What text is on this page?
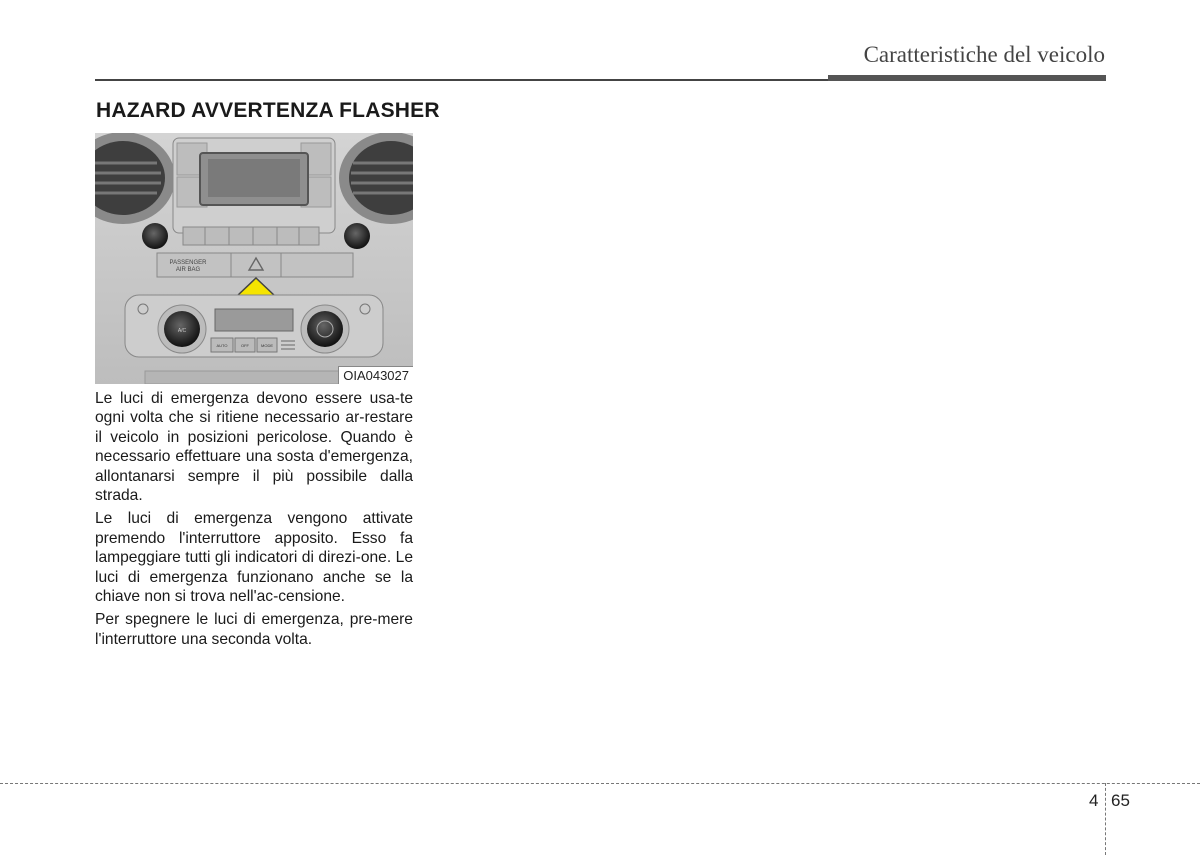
Caratteristiche del veicolo
HAZARD AVVERTENZA FLASHER
PASSENGER
AIR BAG
A/C
AUTO	OFF	MODE
OIA043027

Le luci di emergenza devono essere usa-te ogni volta che si ritiene necessario ar-restare il veicolo in posizioni pericolose. Quando è necessario effettuare una sosta d'emergenza, allontanarsi sempre il più possibile dalla strada.

Le luci di emergenza vengono attivate premendo l'interruttore apposito. Esso fa lampeggiare tutti gli indicatori di direzi-one. Le luci di emergenza funzionano anche se la chiave non si trova nell'ac-censione.

Per spegnere le luci di emergenza, pre-mere l'interruttore una seconda volta.

4 65
